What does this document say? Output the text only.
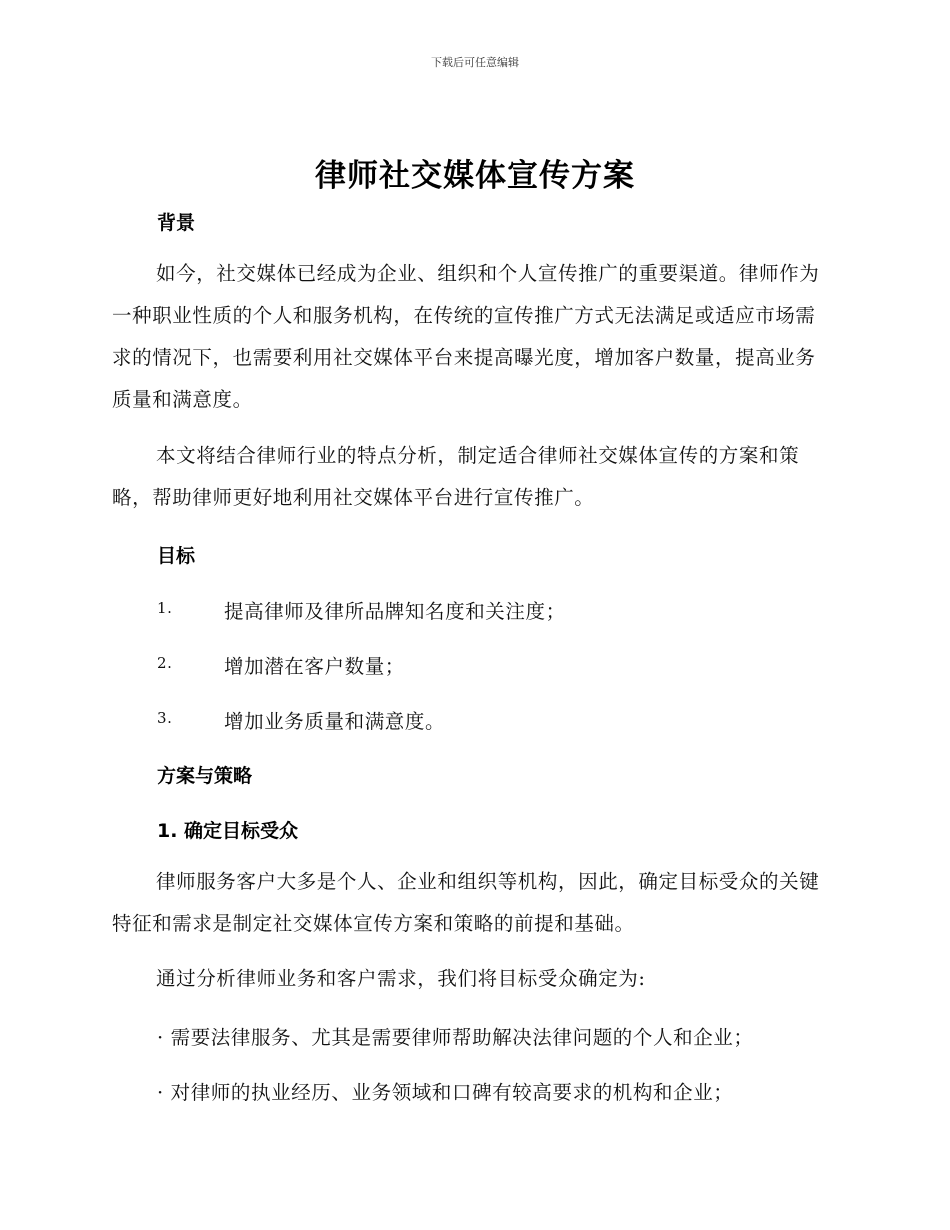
下载后可任意编辑
律师社交媒体宣传方案
背景

如今，社交媒体已经成为企业、组织和个人宣传推广的重要渠道。律师作为一种职业性质的个人和服务机构，在传统的宣传推广方式无法满足或适应市场需求的情况下，也需要利用社交媒体平台来提高曝光度，增加客户数量，提高业务质量和满意度。

本文将结合律师行业的特点分析，制定适合律师社交媒体宣传的方案和策略，帮助律师更好地利用社交媒体平台进行宣传推广。

目标
1.	提高律师及律所品牌知名度和关注度；
2.	增加潜在客户数量；
3.	增加业务质量和满意度。
方案与策略
1. 确定目标受众

律师服务客户大多是个人、企业和组织等机构，因此，确定目标受众的关键特征和需求是制定社交媒体宣传方案和策略的前提和基础。

通过分析律师业务和客户需求，我们将目标受众确定为:

· 需要法律服务、尤其是需要律师帮助解决法律问题的个人和企业；
· 对律师的执业经历、业务领域和口碑有较高要求的机构和企业；
